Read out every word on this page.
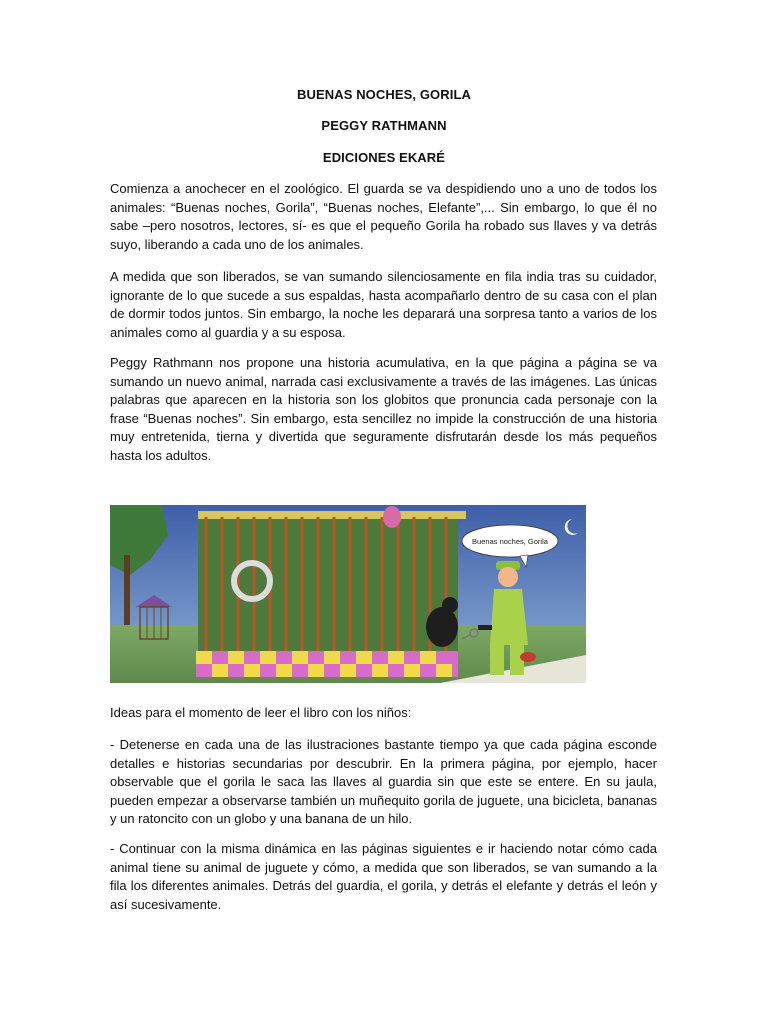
BUENAS NOCHES, GORILA
PEGGY RATHMANN
EDICIONES EKARÉ

Comienza a anochecer en el zoológico. El guarda se va despidiendo uno a uno de todos los animales: “Buenas noches, Gorila”, “Buenas noches, Elefante”,... Sin embargo, lo que él no sabe –pero nosotros, lectores, sí- es que el pequeño Gorila ha robado sus llaves y va detrás suyo, liberando a cada uno de los animales.

A medida que son liberados, se van sumando silenciosamente en fila india tras su cuidador, ignorante de lo que sucede a sus espaldas, hasta acompañarlo dentro de su casa con el plan de dormir todos juntos. Sin embargo, la noche les deparará una sorpresa tanto a varios de los animales como al guardia y a su esposa.

Peggy Rathmann nos propone una historia acumulativa, en la que página a página se va sumando un nuevo animal, narrada casi exclusivamente a través de las imágenes. Las únicas palabras que aparecen en la historia son los globitos que pronuncia cada personaje con la frase “Buenas noches”. Sin embargo, esta sencillez no impide la construcción de una historia muy entretenida, tierna y divertida que seguramente disfrutarán desde los más pequeños hasta los adultos.

Buenas noches, Gorila

Ideas para el momento de leer el libro con los niños:

- Detenerse en cada una de las ilustraciones bastante tiempo ya que cada página esconde detalles e historias secundarias por descubrir. En la primera página, por ejemplo, hacer observable que el gorila le saca las llaves al guardia sin que este se entere. En su jaula, pueden empezar a observarse también un muñequito gorila de juguete, una bicicleta, bananas y un ratoncito con un globo y una banana de un hilo.

- Continuar con la misma dinámica en las páginas siguientes e ir haciendo notar cómo cada animal tiene su animal de juguete y cómo, a medida que son liberados, se van sumando a la fila los diferentes animales. Detrás del guardia, el gorila, y detrás el elefante y detrás el león y así sucesivamente.
